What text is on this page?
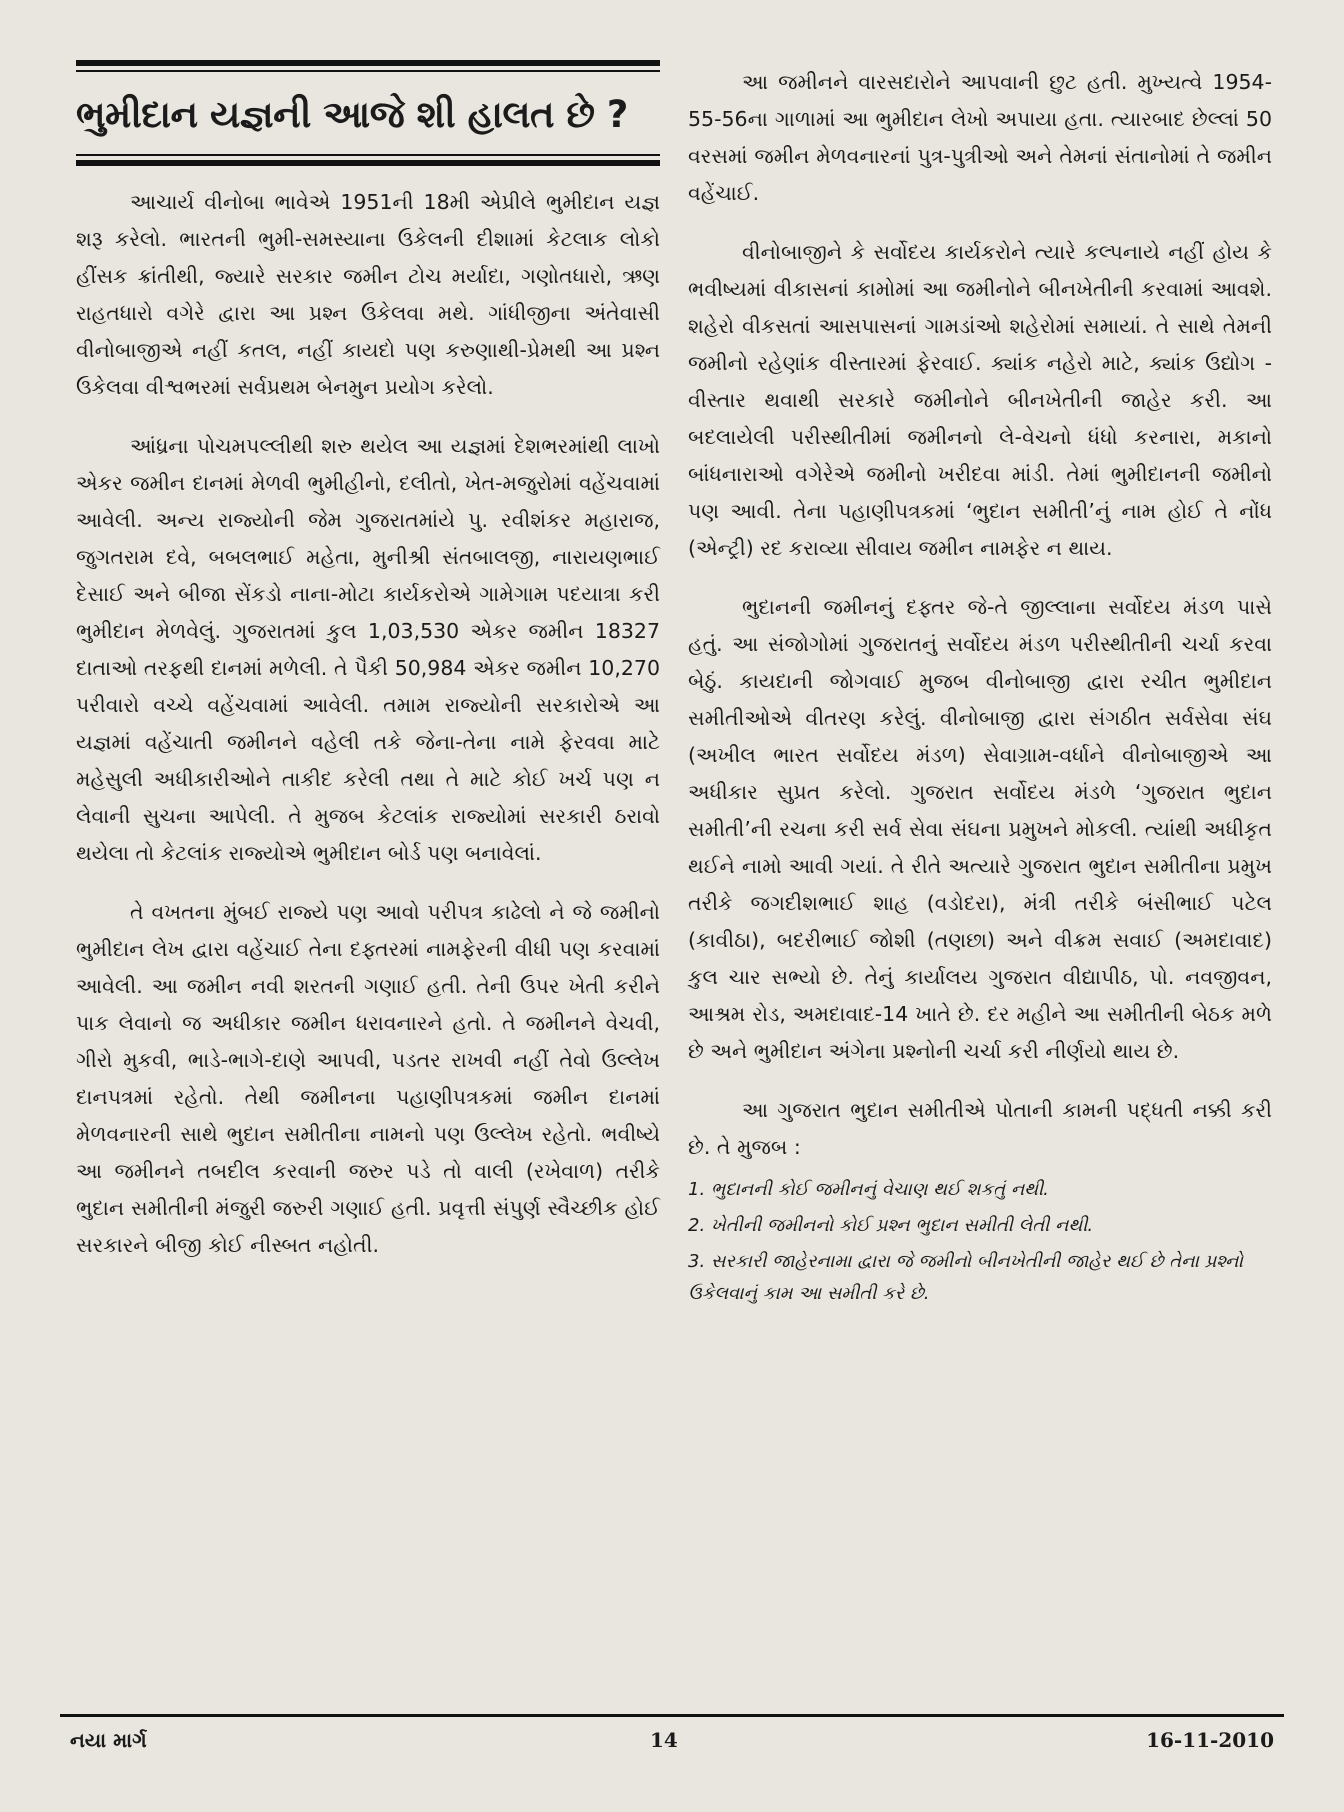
ભુમીદાન યજ્ઞની આજે શી હાલત છે ?

આચાર્ય વીનોબા ભાવેએ 1951ની 18મી એપ્રીલે ભુમીદાન યજ્ઞ શરૂ કરેલો. ભારતની ભુમી-સમસ્યાના ઉકેલની દીશામાં કેટલાક લોકો હીંસક ક્રાંતીથી, જ્યારે સરકાર જમીન ટોચ મર્યાદા, ગણોતધારો, ઋણ રાહતધારો વગેરે દ્વારા આ પ્રશ્ન ઉકેલવા મથે. ગાંધીજીના અંતેવાસી વીનોબાજીએ નહીં કતલ, નહીં કાયદો પણ કરુણાથી-પ્રેમથી આ પ્રશ્ન ઉકેલવા વીશ્વભરમાં સર્વપ્રથમ બેનમુન પ્રયોગ કરેલો.

આંધ્રના પોચમપલ્લીથી શરુ થયેલ આ યજ્ઞમાં દેશભરમાંથી લાખો એકર જમીન દાનમાં મેળવી ભુમીહીનો, દલીતો, ખેત-મજુરોમાં વહેંચવામાં આવેલી. અન્ય રાજ્યોની જેમ ગુજરાતમાંયે પુ. રવીશંકર મહારાજ, જુગતરામ દવે, બબલભાઈ મહેતા, મુનીશ્રી સંતબાલજી, નારાયણભાઈ દેસાઈ અને બીજા સેંકડો નાના-મોટા કાર્યકરોએ ગામેગામ પદયાત્રા કરી ભુમીદાન મેળવેલું. ગુજરાતમાં કુલ 1,03,530 એકર જમીન 18327 દાતાઓ તરફથી દાનમાં મળેલી. તે પૈકી 50,984 એકર જમીન 10,270 પરીવારો વચ્ચે વહેંચવામાં આવેલી. તમામ રાજ્યોની સરકારોએ આ યજ્ઞમાં વહેંચાતી જમીનને વહેલી તકે જેના-તેના નામે ફેરવવા માટે મહેસુલી અધીકારીઓને તાકીદ કરેલી તથા તે માટે કોઈ ખર્ચ પણ ન લેવાની સુચના આપેલી. તે મુજબ કેટલાંક રાજ્યોમાં સરકારી ઠરાવો થયેલા તો કેટલાંક રાજ્યોએ ભુમીદાન બોર્ડ પણ બનાવેલાં.

તે વખતના મુંબઈ રાજ્યે પણ આવો પરીપત્ર કાઢેલો ને જે જમીનો ભુમીદાન લેખ દ્વારા વહેંચાઈ તેના દફ્તરમાં નામફેરની વીધી પણ કરવામાં આવેલી. આ જમીન નવી શરતની ગણાઈ હતી. તેની ઉપર ખેતી કરીને પાક લેવાનો જ અધીકાર જમીન ધરાવનારને હતો. તે જમીનને વેચવી, ગીરો મુકવી, ભાડે-ભાગે-દાણે આપવી, પડતર રાખવી નહીં તેવો ઉલ્લેખ દાનપત્રમાં રહેતો. તેથી જમીનના પહાણીપત્રકમાં જમીન દાનમાં મેળવનારની સાથે ભુદાન સમીતીના નામનો પણ ઉલ્લેખ રહેતો. ભવીષ્યે આ જમીનને તબદીલ કરવાની જરુર પડે તો વાલી (રખેવાળ) તરીકે ભુદાન સમીતીની મંજુરી જરુરી ગણાઈ હતી. પ્રવૃત્તી સંપુર્ણ સ્વૈચ્છીક હોઈ સરકારને બીજી કોઈ નીસ્બત નહોતી.

આ જમીનને વારસદારોને આપવાની છુટ હતી. મુખ્યત્વે 1954-55-56ના ગાળામાં આ ભુમીદાન લેખો અપાયા હતા. ત્યારબાદ છેલ્લાં 50 વરસમાં જમીન મેળવનારનાં પુત્ર-પુત્રીઓ અને તેમનાં સંતાનોમાં તે જમીન વહેંચાઈ.

વીનોબાજીને કે સર્વોદય કાર્યકરોને ત્યારે કલ્પનાયે નહીં હોય કે ભવીષ્યમાં વીકાસનાં કામોમાં આ જમીનોને બીનખેતીની કરવામાં આવશે. શહેરો વીકસતાં આસપાસનાં ગામડાંઓ શહેરોમાં સમાયાં. તે સાથે તેમની જમીનો રહેણાંક વીસ્તારમાં ફેરવાઈ. ક્યાંક નહેરો માટે, ક્યાંક ઉદ્યોગ - વીસ્તાર થવાથી સરકારે જમીનોને બીનખેતીની જાહેર કરી. આ બદલાયેલી પરીસ્થીતીમાં જમીનનો લે-વેચનો ધંધો કરનારા, મકાનો બાંધનારાઓ વગેરેએ જમીનો ખરીદવા માંડી. તેમાં ભુમીદાનની જમીનો પણ આવી. તેના પહાણીપત્રકમાં ‘ભુદાન સમીતી’નું નામ હોઈ તે નોંધ (એન્ટ્રી) રદ કરાવ્યા સીવાય જમીન નામફેર ન થાય.

ભુદાનની જમીનનું દફ્તર જે-તે જીલ્લાના સર્વોદય મંડળ પાસે હતું. આ સંજોગોમાં ગુજરાતનું સર્વોદય મંડળ પરીસ્થીતીની ચર્ચા કરવા બેઠું. કાયદાની જોગવાઈ મુજબ વીનોબાજી દ્વારા રચીત ભુમીદાન સમીતીઓએ વીતરણ કરેલું. વીનોબાજી દ્વારા સંગઠીત સર્વસેવા સંઘ (અખીલ ભારત સર્વોદય મંડળ) સેવાગ્રામ-વર્ધાને વીનોબાજીએ આ અધીકાર સુપ્રત કરેલો. ગુજરાત સર્વોદય મંડળે ‘ગુજરાત ભુદાન સમીતી’ની રચના કરી સર્વ સેવા સંઘના પ્રમુખને મોકલી. ત્યાંથી અધીકૃત થઈને નામો આવી ગયાં. તે રીતે અત્યારે ગુજરાત ભુદાન સમીતીના પ્રમુખ તરીકે જગદીશભાઈ શાહ (વડોદરા), મંત્રી તરીકે બંસીભાઈ પટેલ (કાવીઠા), બદરીભાઈ જોશી (તણછા) અને વીક્રમ સવાઈ (અમદાવાદ) કુલ ચાર સભ્યો છે. તેનું કાર્યાલય ગુજરાત વીદ્યાપીઠ, પો. નવજીવન, આશ્રમ રોડ, અમદાવાદ-14 ખાતે છે. દર મહીને આ સમીતીની બેઠક મળે છે અને ભુમીદાન અંગેના પ્રશ્નોની ચર્ચા કરી નીર્ણયો થાય છે.

આ ગુજરાત ભુદાન સમીતીએ પોતાની કામની પદ્ધતી નક્કી કરી છે. તે મુજબ :

1. ભુદાનની કોઈ જમીનનું વેચાણ થઈ શકતું નથી.
2. ખેતીની જમીનનો કોઈ પ્રશ્ન ભુદાન સમીતી લેતી નથી.
3. સરકારી જાહેરનામા દ્વારા જે જમીનો બીનખેતીની જાહેર થઈ છે તેના પ્રશ્નો ઉકેલવાનું કામ આ સમીતી કરે છે.
નયા માર્ગ	14	16-11-2010
